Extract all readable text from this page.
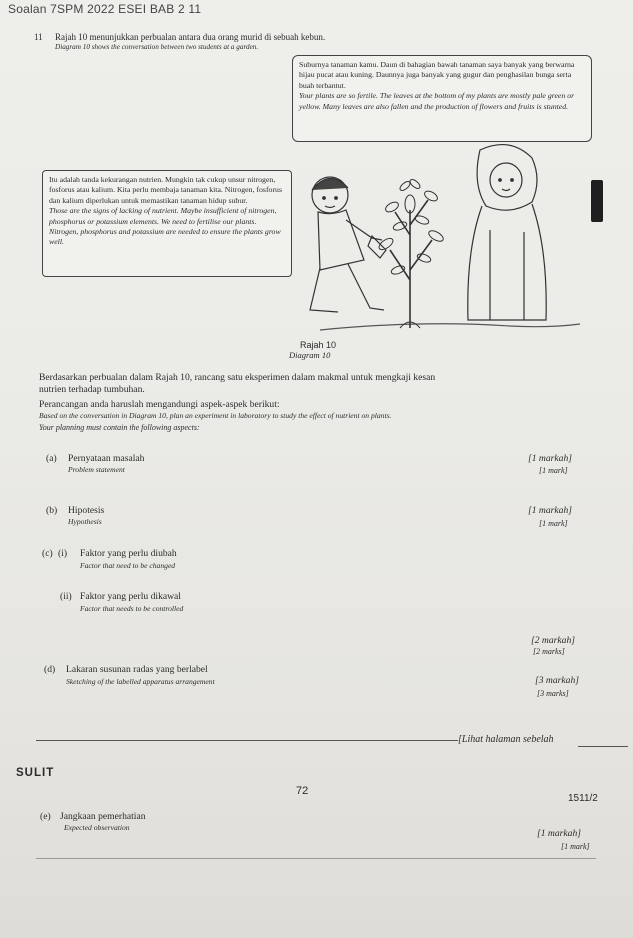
Soalan 7SPM 2022 ESEI BAB 2 11
11 Rajah 10 menunjukkan perbualan antara dua orang murid di sebuah kebun.
Diagram 10 shows the conversation between two students at a garden.
Suburnya tanaman kamu. Daun di bahagian bawah tanaman saya banyak yang berwarna hijau pucat atau kuning. Daunnya juga banyak yang gugur dan penghasilan bunga serta buah terbantut.
Your plants are so fertile. The leaves at the bottom of my plants are mostly pale green or yellow. Many leaves are also fallen and the production of flowers and fruits is stunted.
Itu adalah tanda kekurangan nutrien. Mungkin tak cukup unsur nitrogen, fosforus atau kalium. Kita perlu membaja tanaman kita. Nitrogen, fosforus dan kalium diperlukan untuk memastikan tanaman hidup subur.
Those are the signs of lacking of nutrient. Maybe insufficient of nitrogen, phosphorus or potassium elements. We need to fertilise our plants. Nitrogen, phosphorus and potassium are needed to ensure the plants grow well.
Rajah 10
Diagram 10
Berdasarkan perbualan dalam Rajah 10, rancang satu eksperimen dalam makmal untuk mengkaji kesan
nutrien terhadap tumbuhan.
Perancangan anda haruslah mengandungi aspek-aspek berikut:
Based on the conversation in Diagram 10, plan an experiment in laboratory to study the effect of nutrient on plants.
Your planning must contain the following aspects:
(a) Pernyataan masalah
Problem statement
[1 markah]
[1 mark]
(b) Hipotesis
Hypothesis
[1 markah]
[1 mark]
(c) (i) Faktor yang perlu diubah
Factor that need to be changed
(ii) Faktor yang perlu dikawal
Factor that needs to be controlled
[2 markah]
[2 marks]
(d) Lakaran susunan radas yang berlabel
Sketching of the labelled apparatus arrangement	[3 markah]
[3 marks]
[Lihat halaman sebelah
SULIT
72
1511/2
(e) Jangkaan pemerhatian
Expected observation
[1 markah]
[1 mark]
